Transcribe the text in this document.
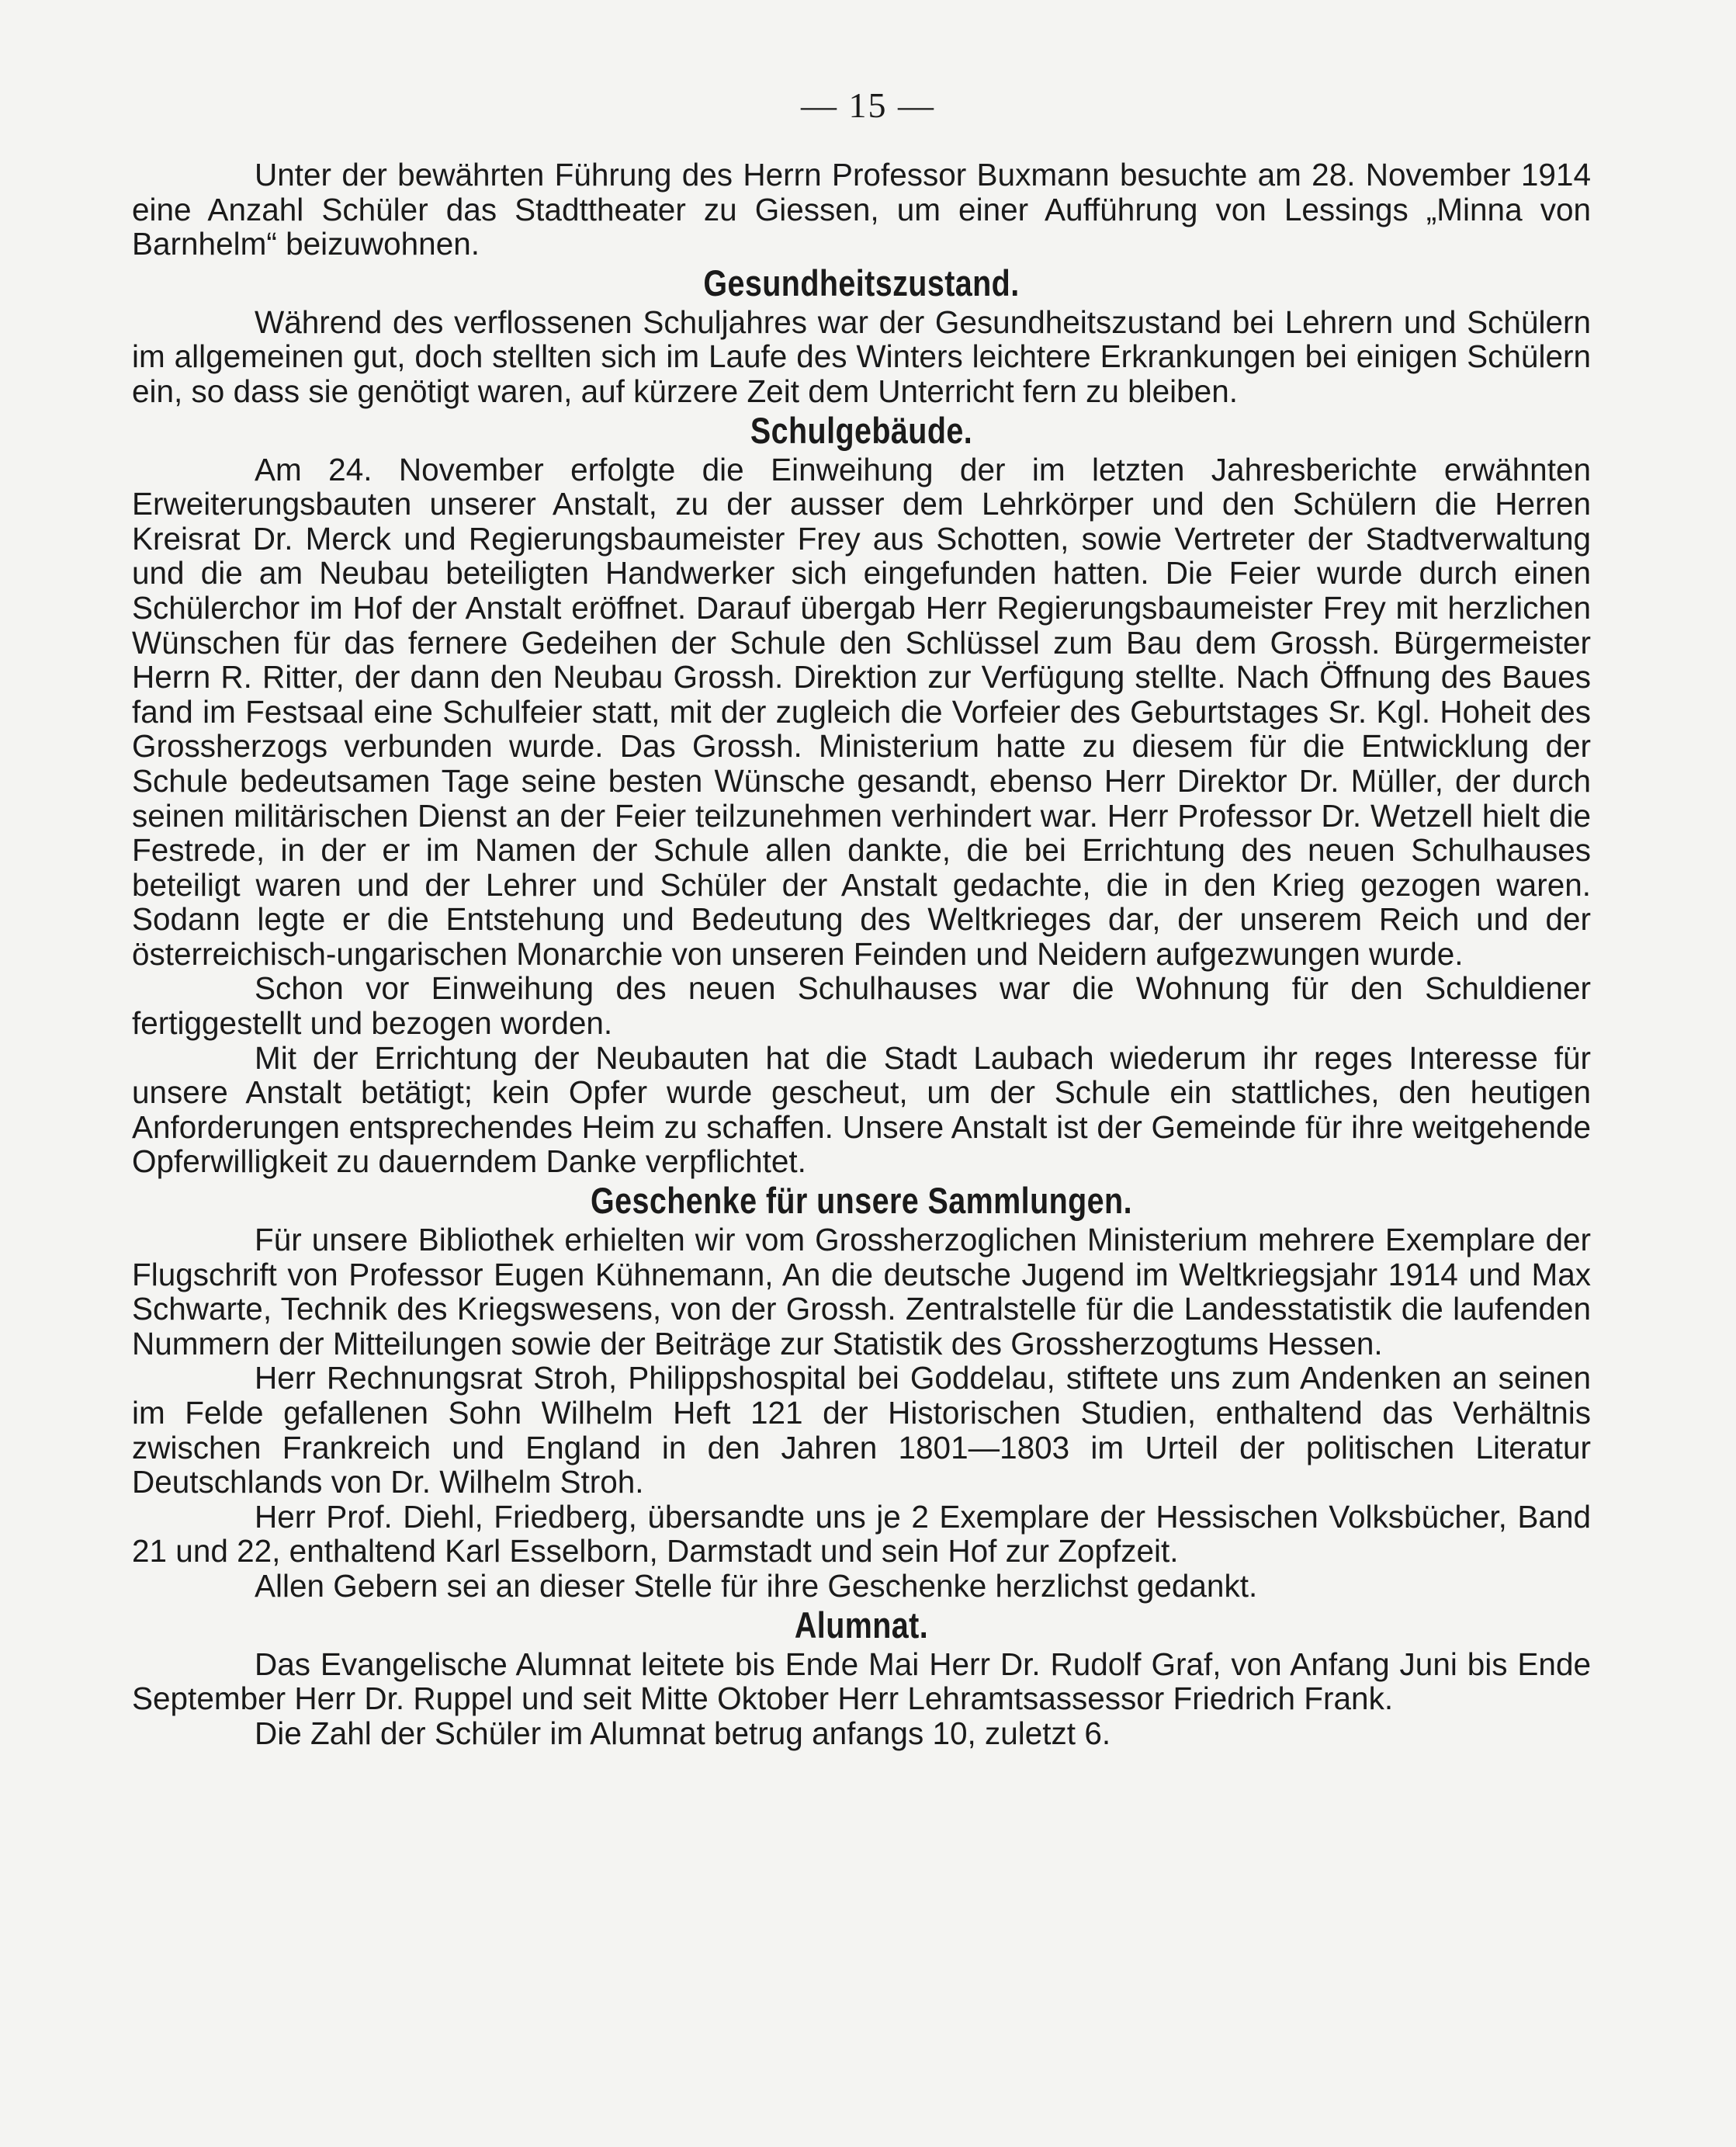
— 15 —

Unter der bewährten Führung des Herrn Professor Buxmann besuchte am 28. November 1914 eine Anzahl Schüler das Stadttheater zu Giessen, um einer Aufführung von Lessings „Minna von Barnhelm“ beizuwohnen.

Gesundheitszustand.

Während des verflossenen Schuljahres war der Gesundheitszustand bei Lehrern und Schülern im allgemeinen gut, doch stellten sich im Laufe des Winters leichtere Erkrankungen bei einigen Schülern ein, so dass sie genötigt waren, auf kürzere Zeit dem Unterricht fern zu bleiben.

Schulgebäude.

Am 24. November erfolgte die Einweihung der im letzten Jahresberichte erwähnten Erweiterungsbauten unserer Anstalt, zu der ausser dem Lehrkörper und den Schülern die Herren Kreisrat Dr. Merck und Regierungsbaumeister Frey aus Schotten, sowie Vertreter der Stadtverwaltung und die am Neubau beteiligten Handwerker sich eingefunden hatten. Die Feier wurde durch einen Schülerchor im Hof der Anstalt eröffnet. Darauf übergab Herr Regierungsbaumeister Frey mit herzlichen Wünschen für das fernere Gedeihen der Schule den Schlüssel zum Bau dem Grossh. Bürgermeister Herrn R. Ritter, der dann den Neubau Grossh. Direktion zur Verfügung stellte. Nach Öffnung des Baues fand im Festsaal eine Schulfeier statt, mit der zugleich die Vorfeier des Geburtstages Sr. Kgl. Hoheit des Grossherzogs verbunden wurde. Das Grossh. Ministerium hatte zu diesem für die Entwicklung der Schule bedeutsamen Tage seine besten Wünsche gesandt, ebenso Herr Direktor Dr. Müller, der durch seinen militärischen Dienst an der Feier teilzunehmen verhindert war. Herr Professor Dr. Wetzell hielt die Festrede, in der er im Namen der Schule allen dankte, die bei Errichtung des neuen Schulhauses beteiligt waren und der Lehrer und Schüler der Anstalt gedachte, die in den Krieg gezogen waren. Sodann legte er die Entstehung und Bedeutung des Weltkrieges dar, der unserem Reich und der österreichisch-ungarischen Monarchie von unseren Feinden und Neidern aufgezwungen wurde.

Schon vor Einweihung des neuen Schulhauses war die Wohnung für den Schuldiener fertiggestellt und bezogen worden.

Mit der Errichtung der Neubauten hat die Stadt Laubach wiederum ihr reges Interesse für unsere Anstalt betätigt; kein Opfer wurde gescheut, um der Schule ein stattliches, den heutigen Anforderungen entsprechendes Heim zu schaffen. Unsere Anstalt ist der Gemeinde für ihre weitgehende Opferwilligkeit zu dauerndem Danke verpflichtet.

Geschenke für unsere Sammlungen.

Für unsere Bibliothek erhielten wir vom Grossherzoglichen Ministerium mehrere Exemplare der Flugschrift von Professor Eugen Kühnemann, An die deutsche Jugend im Weltkriegsjahr 1914 und Max Schwarte, Technik des Kriegswesens, von der Grossh. Zentralstelle für die Landesstatistik die laufenden Nummern der Mitteilungen sowie der Beiträge zur Statistik des Grossherzogtums Hessen.

Herr Rechnungsrat Stroh, Philippshospital bei Goddelau, stiftete uns zum Andenken an seinen im Felde gefallenen Sohn Wilhelm Heft 121 der Historischen Studien, enthaltend das Verhältnis zwischen Frankreich und England in den Jahren 1801—1803 im Urteil der politischen Literatur Deutschlands von Dr. Wilhelm Stroh.

Herr Prof. Diehl, Friedberg, übersandte uns je 2 Exemplare der Hessischen Volksbücher, Band 21 und 22, enthaltend Karl Esselborn, Darmstadt und sein Hof zur Zopfzeit.

Allen Gebern sei an dieser Stelle für ihre Geschenke herzlichst gedankt.

Alumnat.

Das Evangelische Alumnat leitete bis Ende Mai Herr Dr. Rudolf Graf, von Anfang Juni bis Ende September Herr Dr. Ruppel und seit Mitte Oktober Herr Lehramtsassessor Friedrich Frank.

Die Zahl der Schüler im Alumnat betrug anfangs 10, zuletzt 6.
